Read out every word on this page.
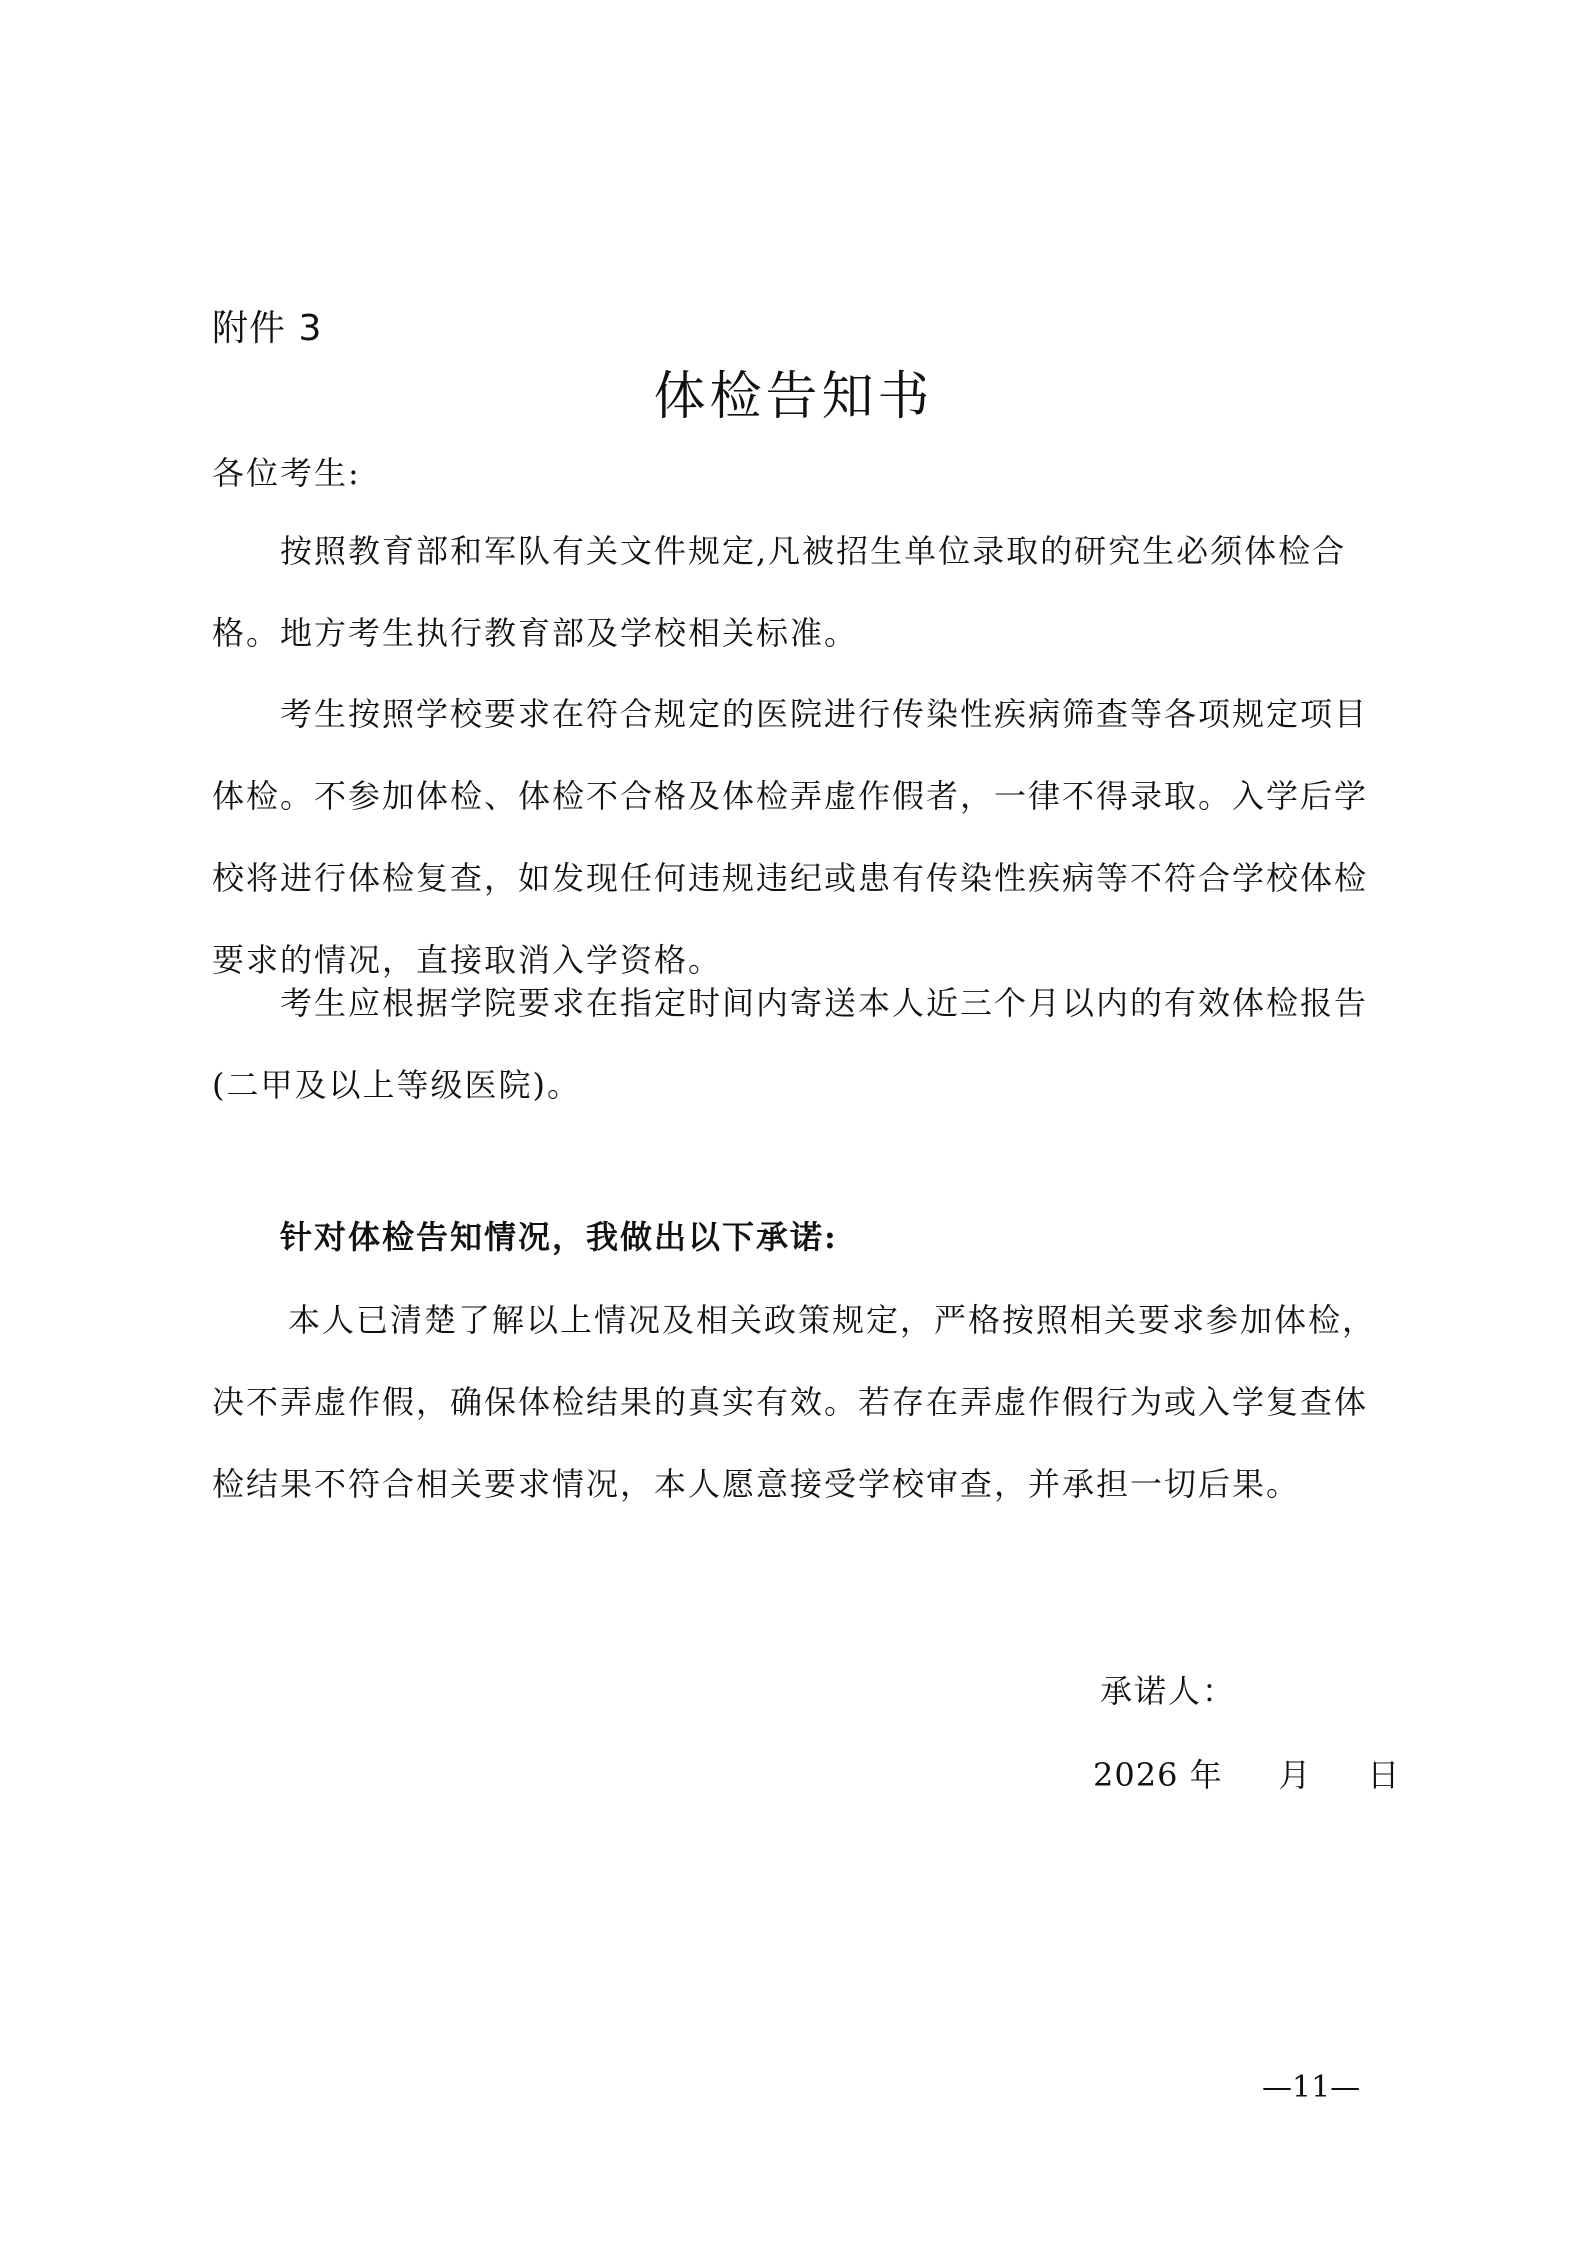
附件 3
体检告知书
各位考生:
按照教育部和军队有关文件规定,凡被招生单位录取的研究生必须体检合格。地方考生执行教育部及学校相关标准。
考生按照学校要求在符合规定的医院进行传染性疾病筛查等各项规定项目体检。不参加体检、体检不合格及体检弄虚作假者，一律不得录取。入学后学校将进行体检复查，如发现任何违规违纪或患有传染性疾病等不符合学校体检要求的情况，直接取消入学资格。
考生应根据学院要求在指定时间内寄送本人近三个月以内的有效体检报告(二甲及以上等级医院)。
针对体检告知情况，我做出以下承诺:
本人已清楚了解以上情况及相关政策规定，严格按照相关要求参加体检，决不弄虚作假，确保体检结果的真实有效。若存在弄虚作假行为或入学复查体检结果不符合相关要求情况，本人愿意接受学校审查，并承担一切后果。
承诺人：
2026 年     月     日
—11—
